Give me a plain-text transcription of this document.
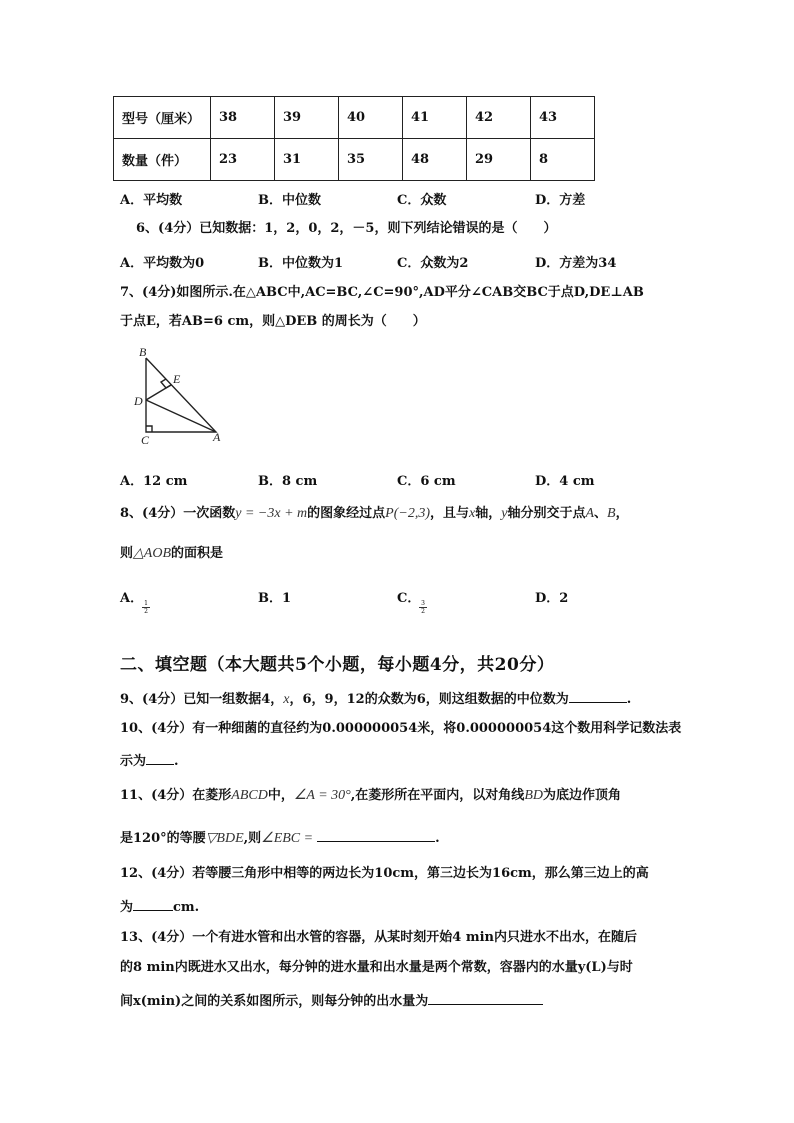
型号（厘米）	38	39	40	41	42	43
数量（件）	23	31	35	48	29	8
A．平均数	B．中位数	C．众数	D．方差
6、(4分）已知数据：1，2，0，2，－5，则下列结论错误的是（　　）
A．平均数为0	B．中位数为1	C．众数为2	D．方差为34
7、(4分)如图所示.在△ABC中,AC=BC,∠C=90°,AD平分∠CAB交BC于点D,DE⊥AB
于点E，若AB=6 cm，则△DEB 的周长为（　　）
B
E
D
C	A
A．12 cm	B．8 cm	C．6 cm	D．4 cm
8、(4分）一次函数y = −3x + m的图象经过点P(−2,3)，且与x轴，y轴分别交于点A、B，
则△AOB的面积是
A．
$\frac{1}{2}$
B．1	C．
$\frac{3}{2}$
D．2
二、填空题（本大题共5个小题，每小题4分，共20分）
9、(4分）已知一组数据4，x，6，9，12的众数为6，则这组数据的中位数为	.
10、(4分）有一种细菌的直径约为0.000000054米，将0.000000054这个数用科学记数法表
示为 .
11、(4分）在菱形ABCD中，∠A = 30°,在菱形所在平面内，以对角线BD为底边作顶角
是120°的等腰▽BDE,则∠EBC =	.
12、(4分）若等腰三角形中相等的两边长为10cm，第三边长为16cm，那么第三边上的高
为	cm.
13、(4分）一个有进水管和出水管的容器，从某时刻开始4 min内只进水不出水，在随后
的8 min内既进水又出水，每分钟的进水量和出水量是两个常数，容器内的水量y(L)与时
间x(min)之间的关系如图所示，则每分钟的出水量为
